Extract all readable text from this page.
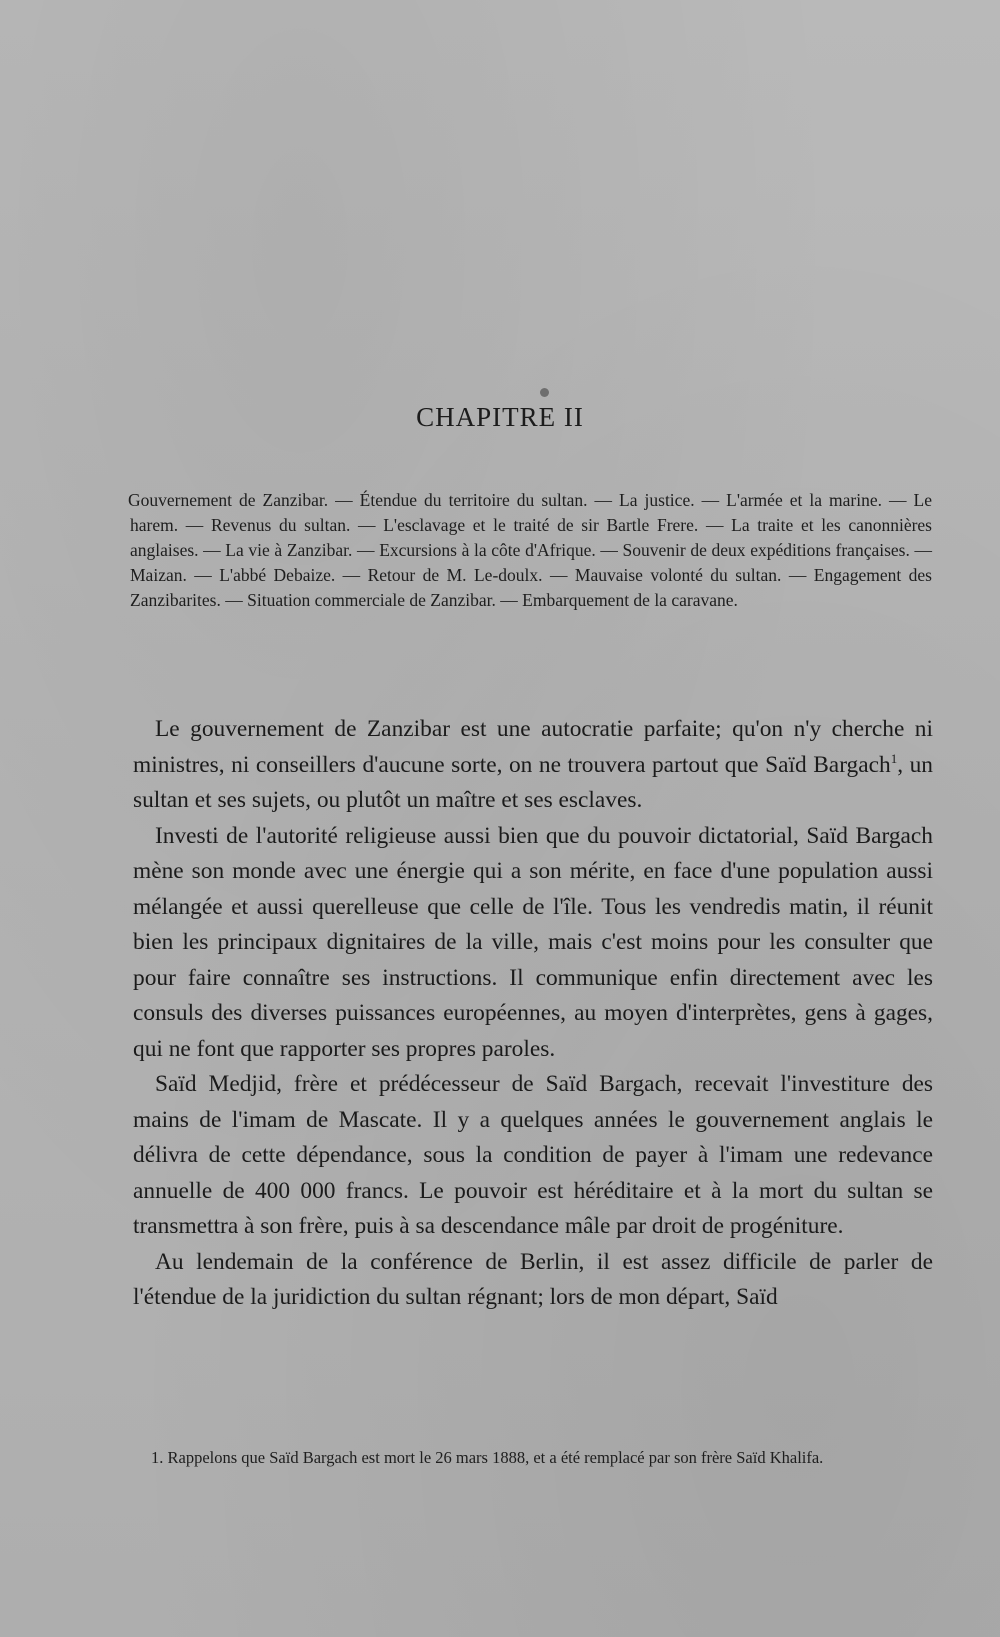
CHAPITRE II

Gouvernement de Zanzibar. — Étendue du territoire du sultan. — La justice. — L'armée et la marine. — Le harem. — Revenus du sultan. — L'esclavage et le traité de sir Bartle Frere. — La traite et les canonnières anglaises. — La vie à Zanzibar. — Excursions à la côte d'Afrique. — Souvenir de deux expéditions françaises. — Maizan. — L'abbé Debaize. — Retour de M. Le-doulx. — Mauvaise volonté du sultan. — Engagement des Zanzibarites. — Situation commerciale de Zanzibar. — Embarquement de la caravane.

Le gouvernement de Zanzibar est une autocratie parfaite; qu'on n'y cherche ni ministres, ni conseillers d'aucune sorte, on ne trouvera partout que Saïd Bargach$^1$, un sultan et ses sujets, ou plutôt un maître et ses esclaves.

Investi de l'autorité religieuse aussi bien que du pouvoir dictatorial, Saïd Bargach mène son monde avec une énergie qui a son mérite, en face d'une population aussi mélangée et aussi querelleuse que celle de l'île. Tous les vendredis matin, il réunit bien les principaux dignitaires de la ville, mais c'est moins pour les consulter que pour faire connaître ses instructions. Il communique enfin directement avec les consuls des diverses puissances européennes, au moyen d'interprètes, gens à gages, qui ne font que rapporter ses propres paroles.

Saïd Medjid, frère et prédécesseur de Saïd Bargach, recevait l'investiture des mains de l'imam de Mascate. Il y a quelques années le gouvernement anglais le délivra de cette dépendance, sous la condition de payer à l'imam une redevance annuelle de 400 000 francs. Le pouvoir est héréditaire et à la mort du sultan se transmettra à son frère, puis à sa descendance mâle par droit de progéniture.

Au lendemain de la conférence de Berlin, il est assez difficile de parler de l'étendue de la juridiction du sultan régnant; lors de mon départ, Saïd

1. Rappelons que Saïd Bargach est mort le 26 mars 1888, et a été remplacé par son frère Saïd Khalifa.
